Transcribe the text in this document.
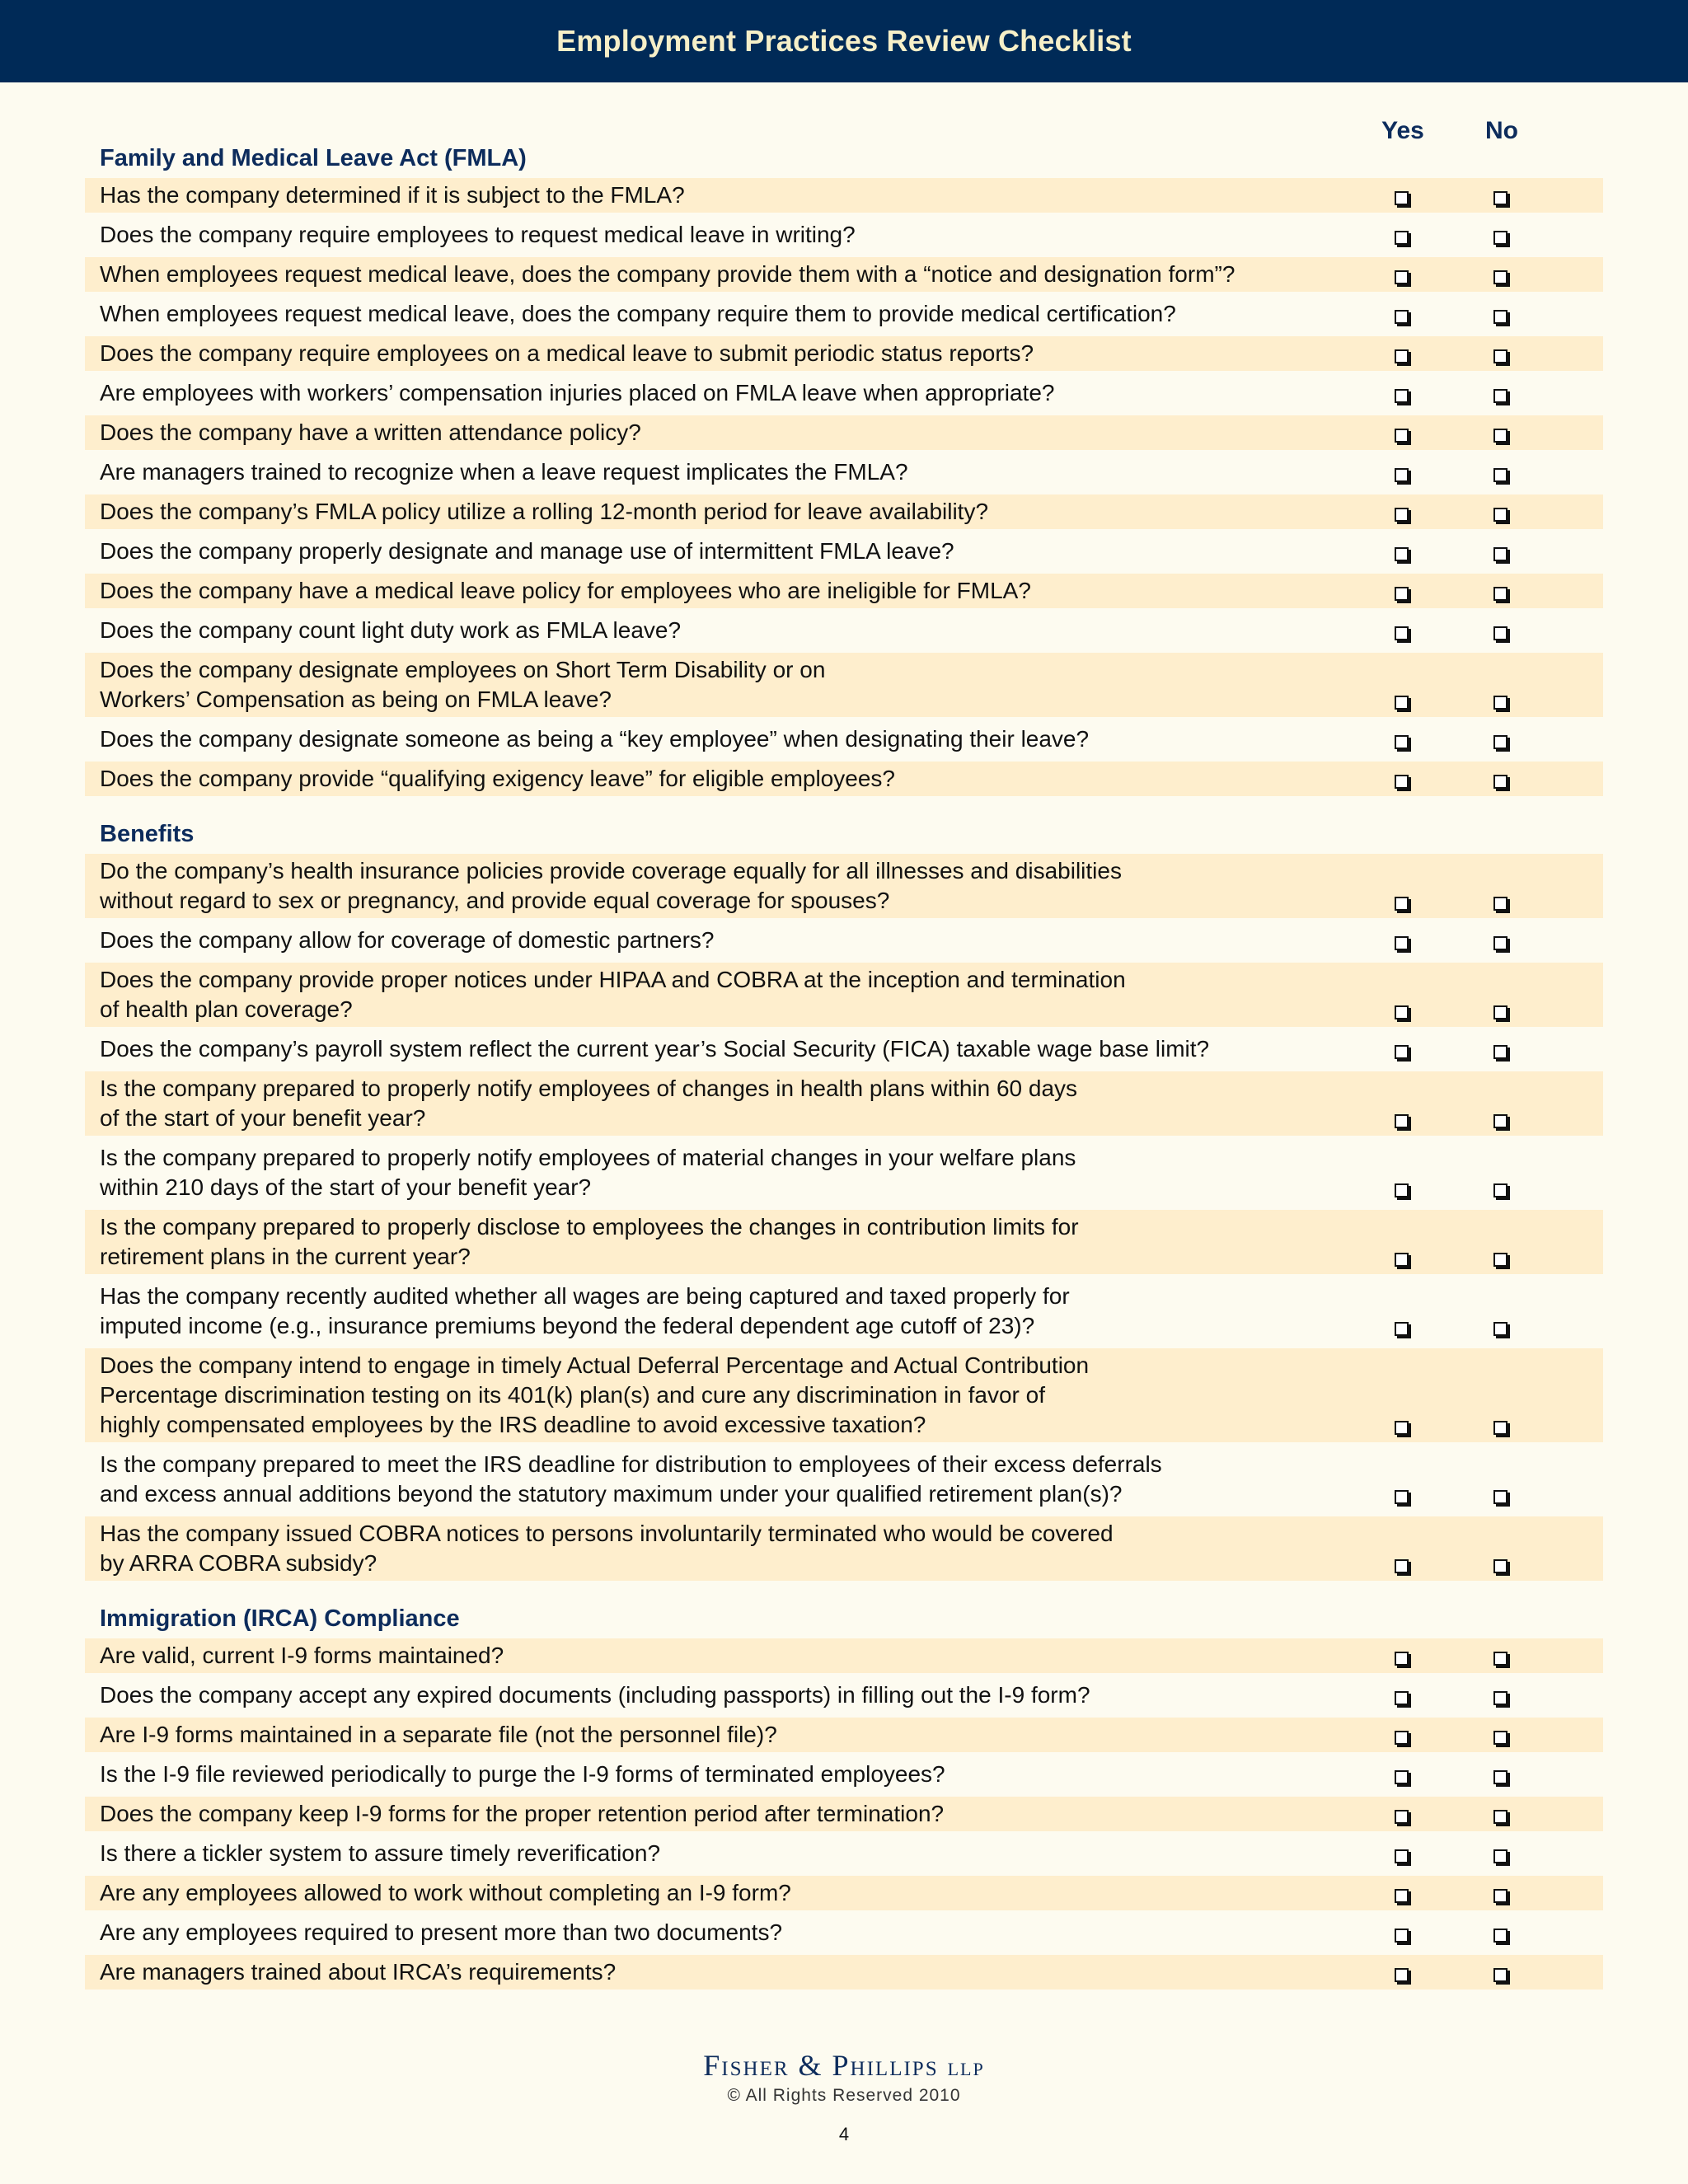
Employment Practices Review Checklist
Yes	No
Family and Medical Leave Act (FMLA)
Has the company determined if it is subject to the FMLA?
Does the company require employees to request medical leave in writing?
When employees request medical leave, does the company provide them with a “notice and designation form”?
When employees request medical leave, does the company require them to provide medical certification?
Does the company require employees on a medical leave to submit periodic status reports?
Are employees with workers’ compensation injuries placed on FMLA leave when appropriate?
Does the company have a written attendance policy?
Are managers trained to recognize when a leave request implicates the FMLA?
Does the company’s FMLA policy utilize a rolling 12-month period for leave availability?
Does the company properly designate and manage use of intermittent FMLA leave?
Does the company have a medical leave policy for employees who are ineligible for FMLA?
Does the company count light duty work as FMLA leave?
Does the company designate employees on Short Term Disability or on
Workers’ Compensation as being on FMLA leave?
Does the company designate someone as being a “key employee” when designating their leave?
Does the company provide “qualifying exigency leave” for eligible employees?
Benefits
Do the company’s health insurance policies provide coverage equally for all illnesses and disabilities
without regard to sex or pregnancy, and provide equal coverage for spouses?
Does the company allow for coverage of domestic partners?
Does the company provide proper notices under HIPAA and COBRA at the inception and termination
of health plan coverage?
Does the company’s payroll system reflect the current year’s Social Security (FICA) taxable wage base limit?
Is the company prepared to properly notify employees of changes in health plans within 60 days
of the start of your benefit year?
Is the company prepared to properly notify employees of material changes in your welfare plans
within 210 days of the start of your benefit year?
Is the company prepared to properly disclose to employees the changes in contribution limits for
retirement plans in the current year?
Has the company recently audited whether all wages are being captured and taxed properly for
imputed income (e.g., insurance premiums beyond the federal dependent age cutoff of 23)?
Does the company intend to engage in timely Actual Deferral Percentage and Actual Contribution
Percentage discrimination testing on its 401(k) plan(s) and cure any discrimination in favor of
highly compensated employees by the IRS deadline to avoid excessive taxation?
Is the company prepared to meet the IRS deadline for distribution to employees of their excess deferrals
and excess annual additions beyond the statutory maximum under your qualified retirement plan(s)?
Has the company issued COBRA notices to persons involuntarily terminated who would be covered
by ARRA COBRA subsidy?
Immigration (IRCA) Compliance
Are valid, current I-9 forms maintained?
Does the company accept any expired documents (including passports) in filling out the I-9 form?
Are I-9 forms maintained in a separate file (not the personnel file)?
Is the I-9 file reviewed periodically to purge the I-9 forms of terminated employees?
Does the company keep I-9 forms for the proper retention period after termination?
Is there a tickler system to assure timely reverification?
Are any employees allowed to work without completing an I-9 form?
Are any employees required to present more than two documents?
Are managers trained about IRCA’s requirements?
Fisher & Phillips LLP
© All Rights Reserved 2010
4
